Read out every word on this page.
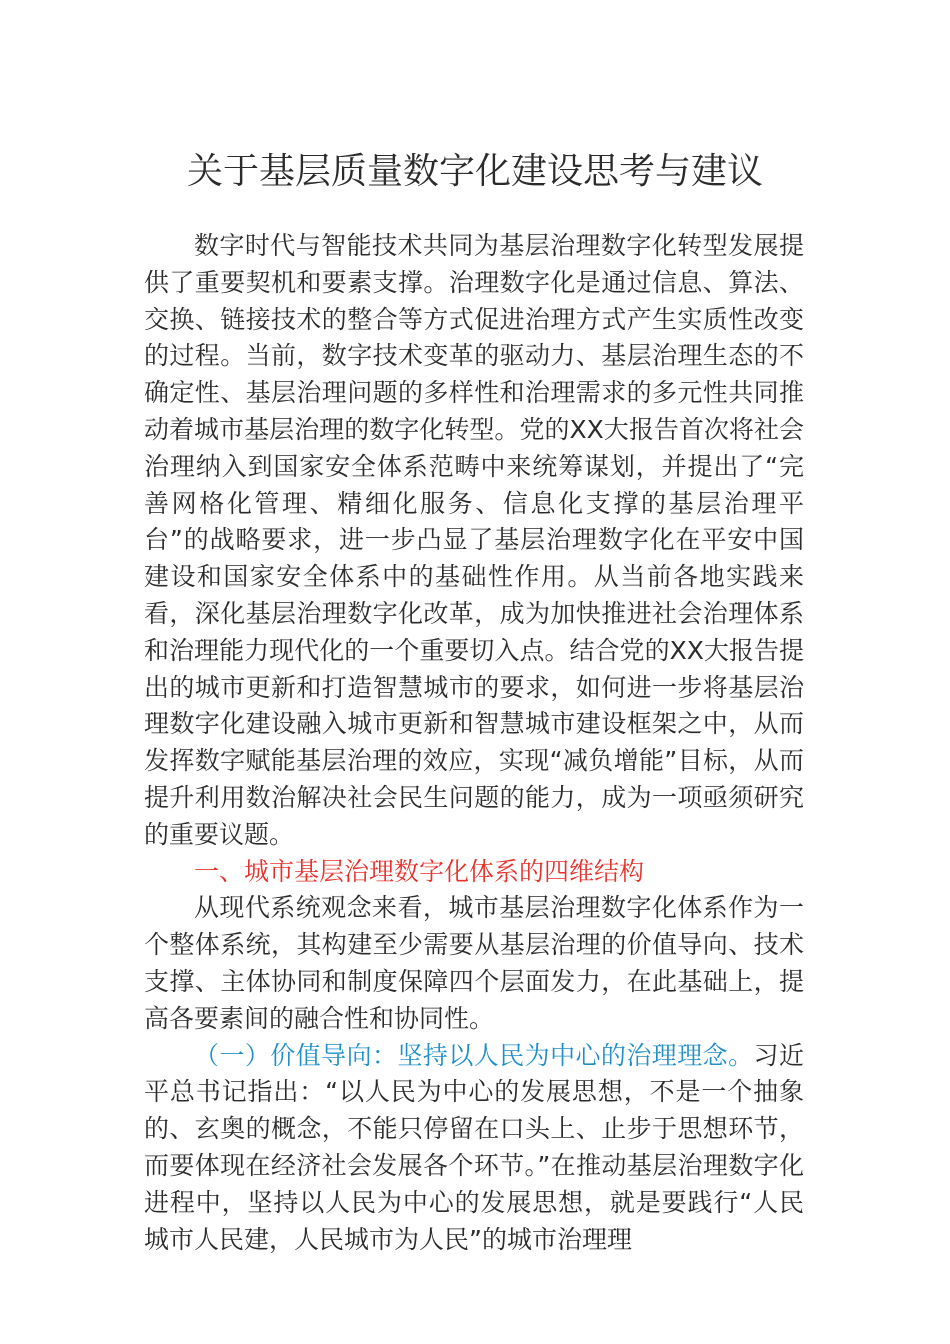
关于基层质量数字化建设思考与建议

数字时代与智能技术共同为基层治理数字化转型发展提供了重要契机和要素支撑。治理数字化是通过信息、算法、交换、链接技术的整合等方式促进治理方式产生实质性改变的过程。当前，数字技术变革的驱动力、基层治理生态的不确定性、基层治理问题的多样性和治理需求的多元性共同推动着城市基层治理的数字化转型。党的XX大报告首次将社会治理纳入到国家安全体系范畴中来统筹谋划，并提出了“完善网格化管理、精细化服务、信息化支撑的基层治理平台”的战略要求，进一步凸显了基层治理数字化在平安中国建设和国家安全体系中的基础性作用。从当前各地实践来看，深化基层治理数字化改革，成为加快推进社会治理体系和治理能力现代化的一个重要切入点。结合党的XX大报告提出的城市更新和打造智慧城市的要求，如何进一步将基层治理数字化建设融入城市更新和智慧城市建设框架之中，从而发挥数字赋能基层治理的效应，实现“减负增能”目标，从而提升利用数治解决社会民生问题的能力，成为一项亟须研究的重要议题。

一、城市基层治理数字化体系的四维结构

从现代系统观念来看，城市基层治理数字化体系作为一个整体系统，其构建至少需要从基层治理的价值导向、技术支撑、主体协同和制度保障四个层面发力，在此基础上，提高各要素间的融合性和协同性。

（一）价值导向：坚持以人民为中心的治理理念。习近平总书记指出：“以人民为中心的发展思想，不是一个抽象的、玄奥的概念，不能只停留在口头上、止步于思想环节，而要体现在经济社会发展各个环节。”在推动基层治理数字化进程中，坚持以人民为中心的发展思想，就是要践行“人民城市人民建，人民城市为人民”的城市治理理
